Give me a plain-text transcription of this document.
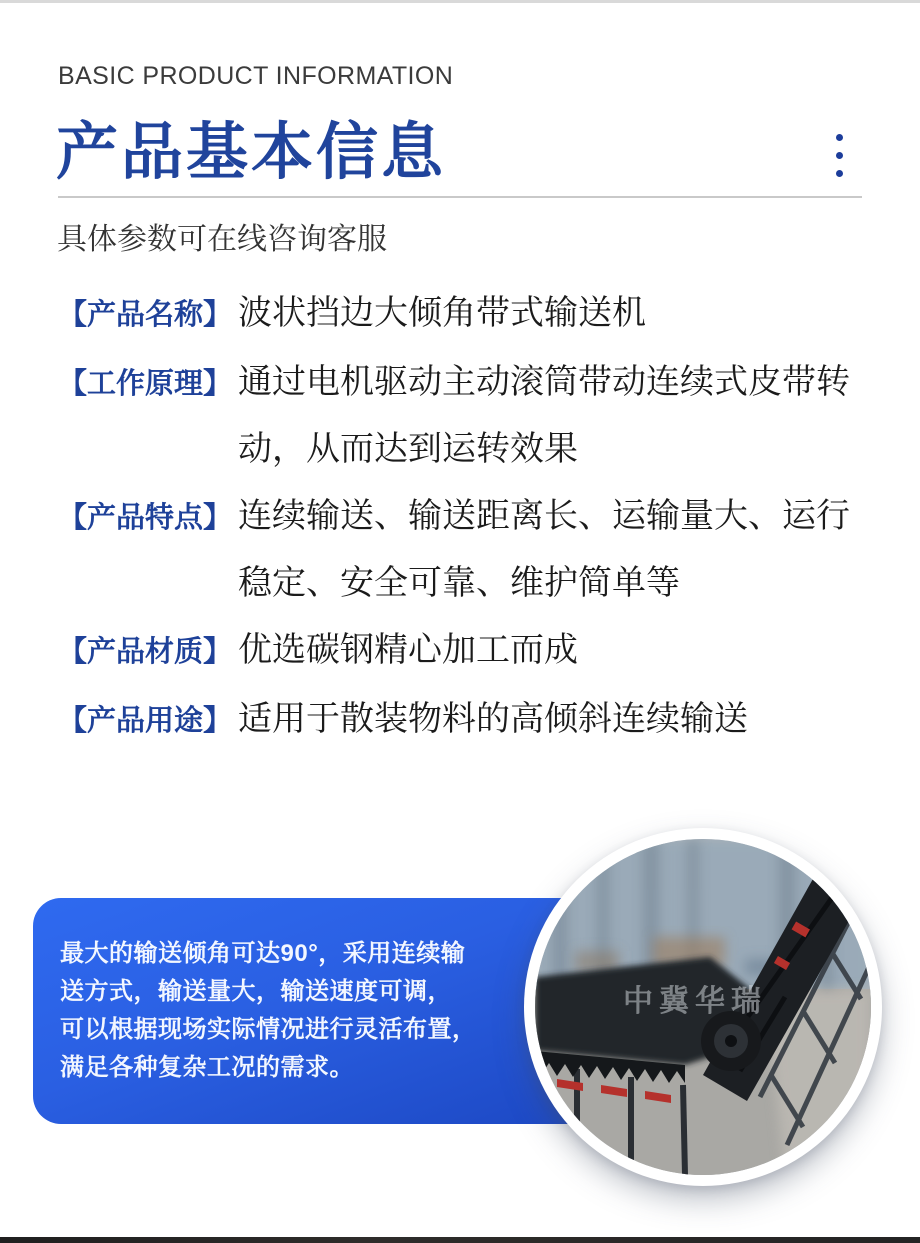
BASIC PRODUCT INFORMATION
产品基本信息
具体参数可在线咨询客服
【产品名称】 波状挡边大倾角带式输送机
【工作原理】 通过电机驱动主动滚筒带动连续式皮带转
动，从而达到运转效果
【产品特点】 连续输送、输送距离长、运输量大、运行
稳定、安全可靠、维护简单等
【产品材质】 优选碳钢精心加工而成
【产品用途】 适用于散装物料的高倾斜连续输送
最大的输送倾角可达90°，采用连续输
送方式，输送量大，输送速度可调，
可以根据现场实际情况进行灵活布置，
满足各种复杂工况的需求。
中冀华瑞
